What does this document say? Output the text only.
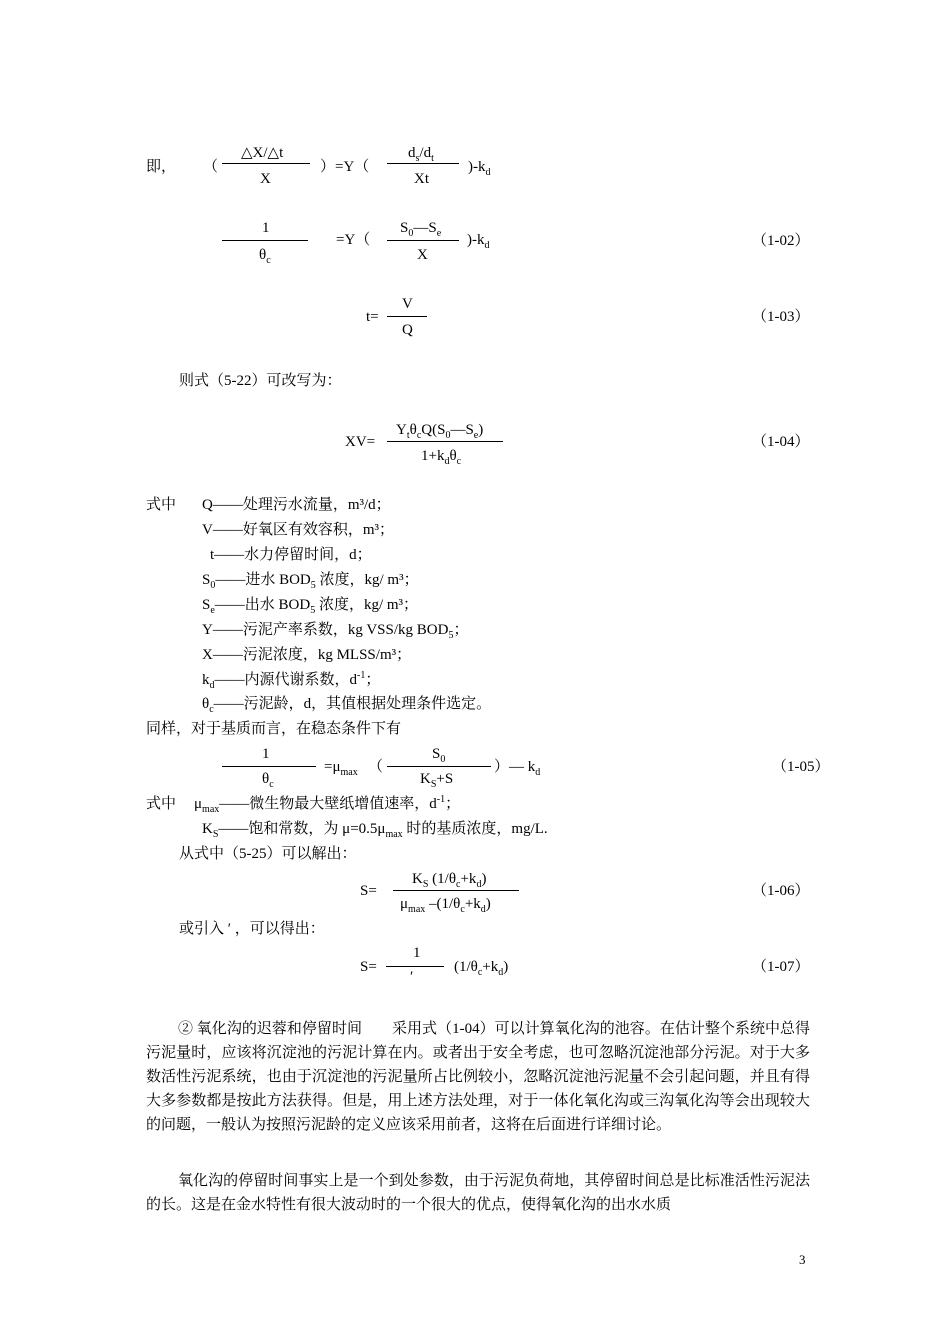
即， （
△X/△t
X
）=Y（
$d_s/d_t$
Xt
)$-k_d$
1
$\theta_c$
=Y（
$S_0—S_e$
X
)$-k_d$	（1-02）
t=
V
Q
（1-03）
则式（5-22）可改写为：
XV=
$Y_t\theta_cQ(S_0—S_e)$
$1+k_d\theta_c$
（1-04）
式中 Q——处理污水流量，m³/d；
V——好氧区有效容积，m³；
t——水力停留时间，d；
$S_0——$进水 $BOD_5$ 浓度，kg/ m³；
$S_e——$出水 $BOD_5$ 浓度，kg/ m³；
Y——污泥产率系数，kg VSS/kg $BOD_5$；
X——污泥浓度，kg MLSS/m³；
$k_d——$内源代谢系数，$d^{-1}$；
$\theta_c——$污泥龄，d，其值根据处理条件选定。
同样，对于基质而言，在稳态条件下有
1
$\theta_c$
$=\mu_{max}$ （
$S_0$
$K_S+S$
）— $k_d$	（1-05）
式中 $\mu_{max}——$微生物最大壁纸增值速率，$d^{-1}$；
$K_S——$饱和常数，为 $\mu=0.5\mu_{max}$ 时的基质浓度，mg/L.
从式中（5-25）可以解出：
S=
$K_S$ $(1/\theta_c+k_d)$
$\mu_{max}$ $-(1/\theta_c+k_d)$
（1-06）
或引入 ′ ，可以得出：
S=
1
′
$(1/\theta_c+k_d)$	（1-07）

② 氧化沟的迟蓉和停留时间　　采用式（1-04）可以计算氧化沟的池容。在估计整个系统中总得污泥量时，应该将沉淀池的污泥计算在内。或者出于安全考虑，也可忽略沉淀池部分污泥。对于大多数活性污泥系统，也由于沉淀池的污泥量所占比例较小，忽略沉淀池污泥量不会引起问题，并且有得大多参数都是按此方法获得。但是，用上述方法处理，对于一体化氧化沟或三沟氧化沟等会出现较大的问题，一般认为按照污泥龄的定义应该采用前者，这将在后面进行详细讨论。

氧化沟的停留时间事实上是一个到处参数，由于污泥负荷地，其停留时间总是比标准活性污泥法的长。这是在金水特性有很大波动时的一个很大的优点，使得氧化沟的出水水质

3
